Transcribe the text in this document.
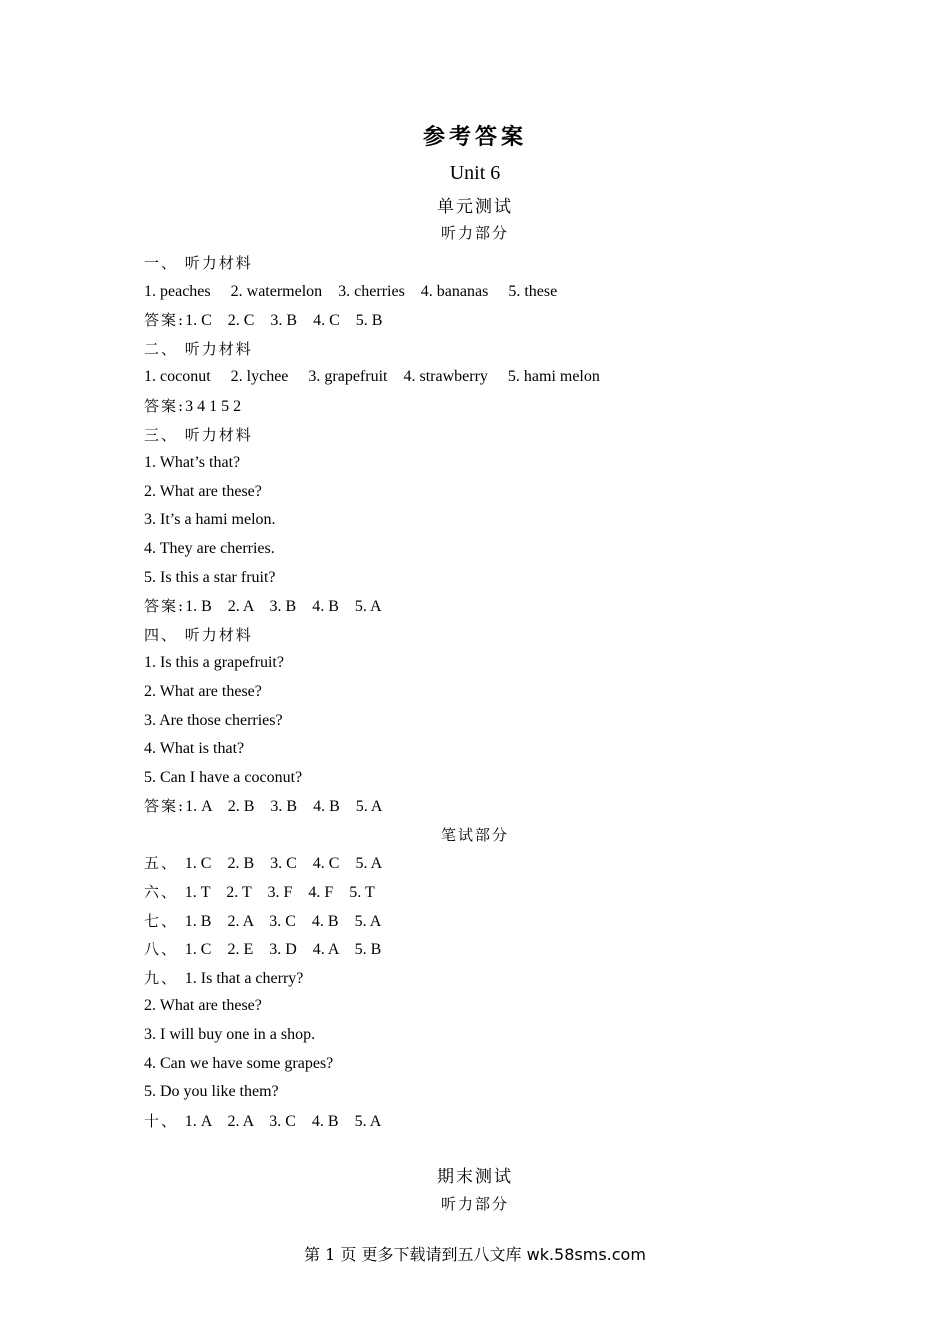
参考答案
Unit 6
单元测试
听力部分
一、 听力材料
1. peaches     2. watermelon    3. cherries    4. bananas     5. these
答案:1. C    2. C    3. B    4. C    5. B
二、 听力材料
1. coconut     2. lychee     3. grapefruit    4. strawberry     5. hami melon
答案:3 4 1 5 2
三、 听力材料
1. What’s that?
2. What are these?
3. It’s a hami melon.
4. They are cherries.
5. Is this a star fruit?
答案:1. B    2. A    3. B    4. B    5. A
四、 听力材料
1. Is this a grapefruit?
2. What are these?
3. Are those cherries?
4. What is that?
5. Can I have a coconut?
答案:1. A    2. B    3. B    4. B    5. A
笔试部分
五、 1. C    2. B    3. C    4. C    5. A
六、 1. T    2. T    3. F    4. F    5. T
七、 1. B    2. A    3. C    4. B    5. A
八、 1. C    2. E    3. D    4. A    5. B
九、 1. Is that a cherry?
2. What are these?
3. I will buy one in a shop.
4. Can we have some grapes?
5. Do you like them?
十、 1. A    2. A    3. C    4. B    5. A
期末测试
听力部分
第 1 页 更多下载请到五八文库 wk.58sms.com
